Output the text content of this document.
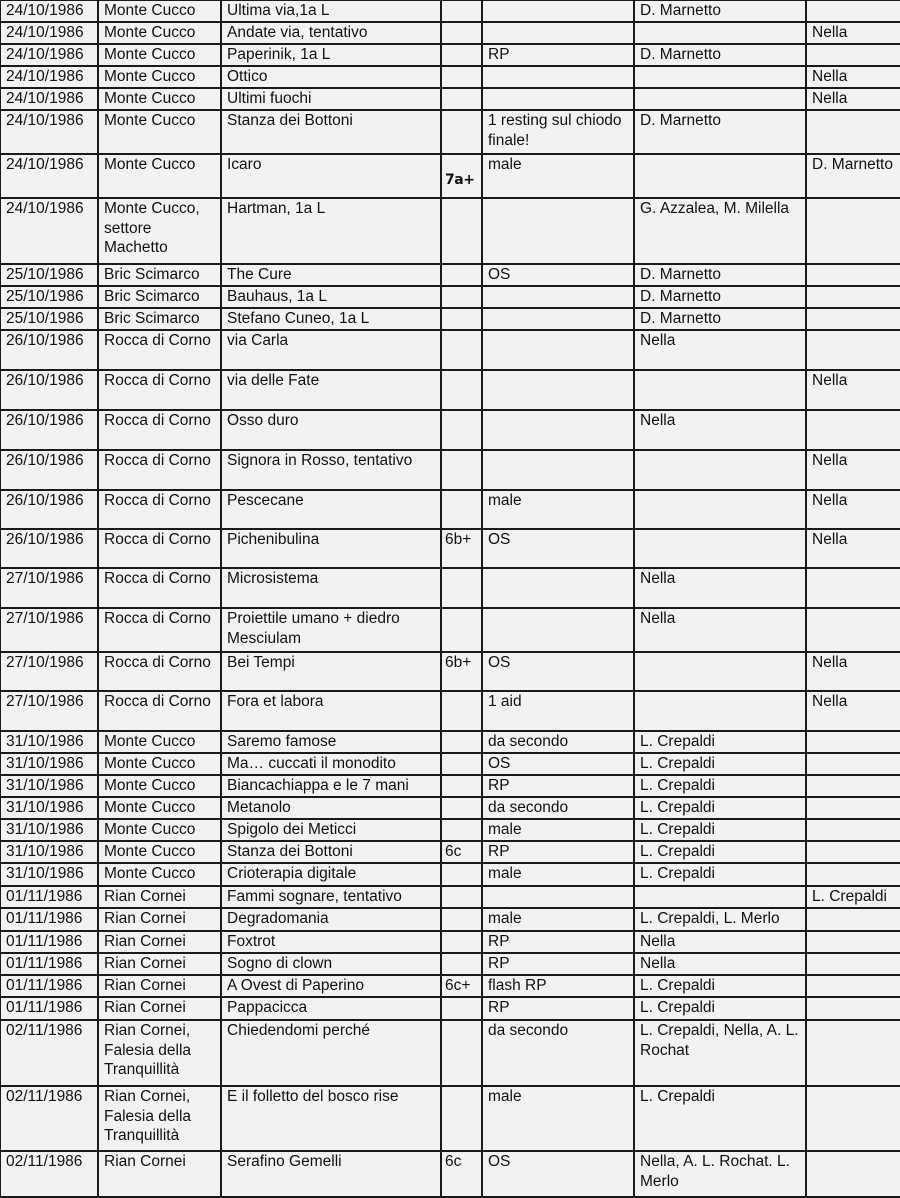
24/10/1986	Monte Cucco	Ultima via,1a L			D. Marnetto	
24/10/1986	Monte Cucco	Andate via, tentativo				Nella
24/10/1986	Monte Cucco	Paperinik, 1a L		RP	D. Marnetto	
24/10/1986	Monte Cucco	Ottico				Nella
24/10/1986	Monte Cucco	Ultimi fuochi				Nella
24/10/1986	Monte Cucco	Stanza dei Bottoni		1 resting sul chiodo finale!	D. Marnetto	
24/10/1986	Monte Cucco	Icaro	7a+	male		D. Marnetto
24/10/1986	Monte Cucco, settore Machetto	Hartman, 1a L			G. Azzalea, M. Milella	
25/10/1986	Bric Scimarco	The Cure		OS	D. Marnetto	
25/10/1986	Bric Scimarco	Bauhaus, 1a L			D. Marnetto	
25/10/1986	Bric Scimarco	Stefano Cuneo, 1a L			D. Marnetto	
26/10/1986	Rocca di Corno	via Carla			Nella	
26/10/1986	Rocca di Corno	via delle Fate				Nella
26/10/1986	Rocca di Corno	Osso duro			Nella	
26/10/1986	Rocca di Corno	Signora in Rosso, tentativo				Nella
26/10/1986	Rocca di Corno	Pescecane		male		Nella
26/10/1986	Rocca di Corno	Pichenibulina	6b+	OS		Nella
27/10/1986	Rocca di Corno	Microsistema			Nella	
27/10/1986	Rocca di Corno	Proiettile umano + diedro Mesciulam			Nella	
27/10/1986	Rocca di Corno	Bei Tempi	6b+	OS		Nella
27/10/1986	Rocca di Corno	Fora et labora		1 aid		Nella
31/10/1986	Monte Cucco	Saremo famose		da secondo	L. Crepaldi	
31/10/1986	Monte Cucco	Ma… cuccati il monodito		OS	L. Crepaldi	
31/10/1986	Monte Cucco	Biancachiappa e le 7 mani		RP	L. Crepaldi	
31/10/1986	Monte Cucco	Metanolo		da secondo	L. Crepaldi	
31/10/1986	Monte Cucco	Spigolo dei Meticci		male	L. Crepaldi	
31/10/1986	Monte Cucco	Stanza dei Bottoni	6c	RP	L. Crepaldi	
31/10/1986	Monte Cucco	Crioterapia digitale		male	L. Crepaldi	
01/11/1986	Rian Cornei	Fammi sognare, tentativo				L. Crepaldi
01/11/1986	Rian Cornei	Degradomania		male	L. Crepaldi, L. Merlo	
01/11/1986	Rian Cornei	Foxtrot		RP	Nella	
01/11/1986	Rian Cornei	Sogno di clown		RP	Nella	
01/11/1986	Rian Cornei	A Ovest di Paperino	6c+	flash RP	L. Crepaldi	
01/11/1986	Rian Cornei	Pappacicca		RP	L. Crepaldi	
02/11/1986	Rian Cornei, Falesia della Tranquillità	Chiedendomi perché		da secondo	L. Crepaldi, Nella, A. L. Rochat	
02/11/1986	Rian Cornei, Falesia della Tranquillità	E il folletto del bosco rise		male	L. Crepaldi	
02/11/1986	Rian Cornei	Serafino Gemelli	6c	OS	Nella, A. L. Rochat. L. Merlo	
